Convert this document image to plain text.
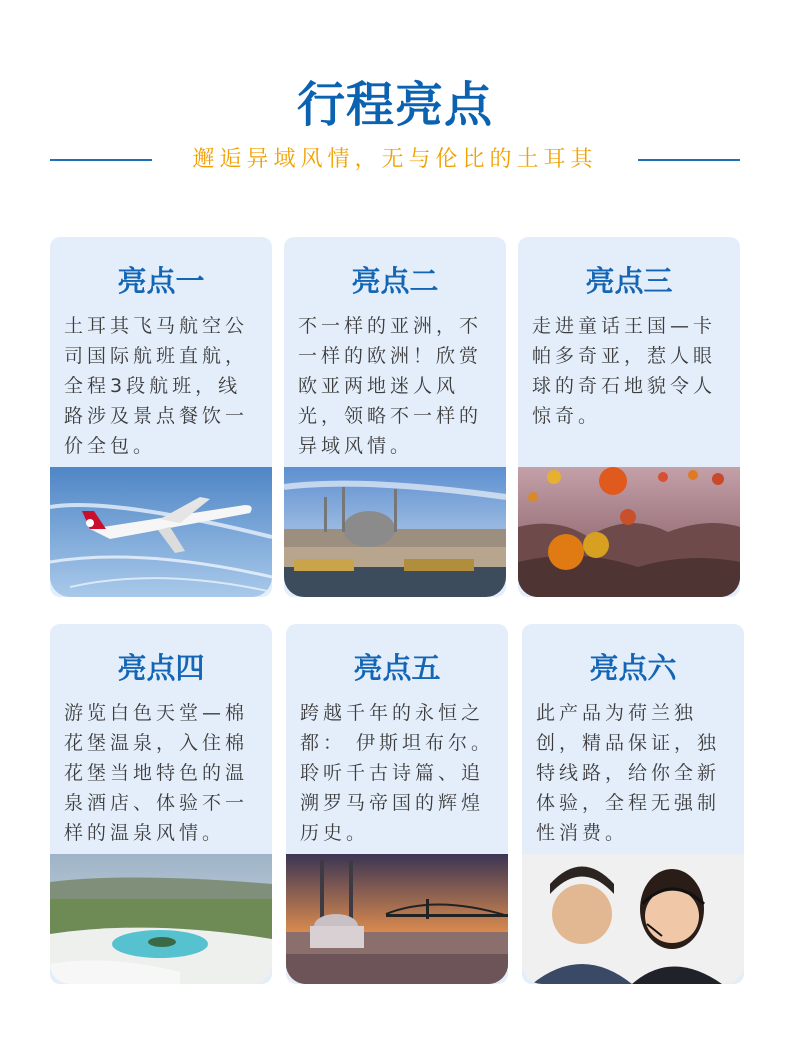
行程亮点
邂逅异域风情，无与伦比的土耳其
亮点一
土耳其飞马航空公司国际航班直航，全程3段航班，线路涉及景点餐饮一价全包。
亮点二
不一样的亚洲，不一样的欧洲！欣赏欧亚两地迷人风光，领略不一样的异域风情。
亮点三
走进童话王国—卡帕多奇亚，惹人眼球的奇石地貌令人惊奇。
亮点四
游览白色天堂—棉花堡温泉，入住棉花堡当地特色的温泉酒店、体验不一样的温泉风情。
亮点五
跨越千年的永恒之都： 伊斯坦布尔。聆听千古诗篇、追溯罗马帝国的辉煌历史。
亮点六
此产品为荷兰独创，精品保证，独特线路，给你全新体验，全程无强制性消费。
